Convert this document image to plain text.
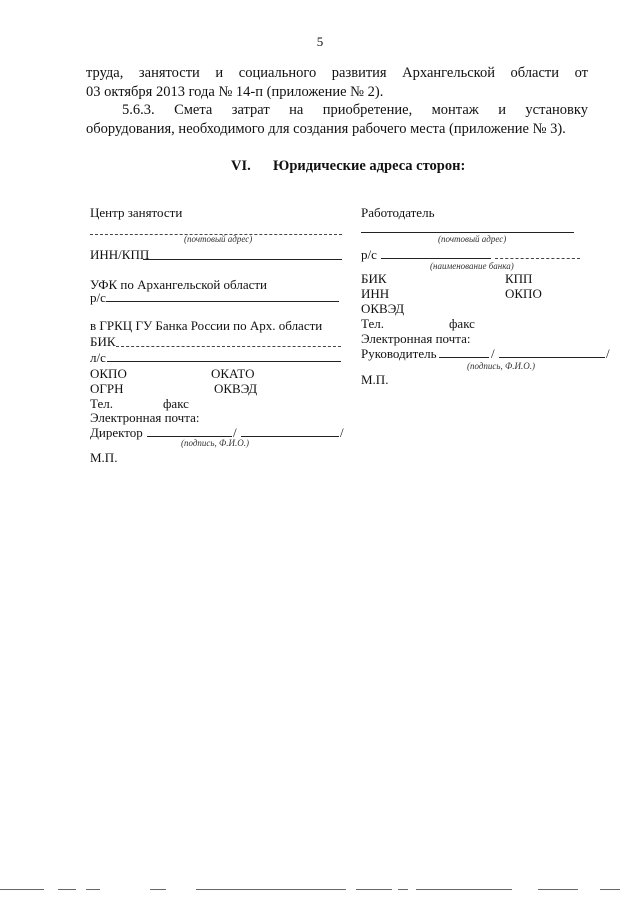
5
труда, занятости и социального развития Архангельской области от
03 октября 2013 года № 14-п (приложение № 2).
5.6.3. Смета затрат на приобретение, монтаж и установку
оборудования, необходимого для создания рабочего места (приложение № 3).
VI. Юридические адреса сторон:
Центр занятости
(почтовый адрес)
ИНН/КПП
УФК по Архангельской области
р/с
в ГРКЦ ГУ Банка России по Арх. области
БИК
л/с
ОКПО	ОКАТО
ОГРН	ОКВЭД
Тел.	факс
Электронная почта:
Директор	/	/
(подпись, Ф.И.О.)
М.П.
Работодатель
(почтовый адрес)
р/с
(наименование банка)
БИК	КПП
ИНН	ОКПО
ОКВЭД
Тел.	факс
Электронная почта:
Руководитель	/	/
(подпись, Ф.И.О.)
М.П.
